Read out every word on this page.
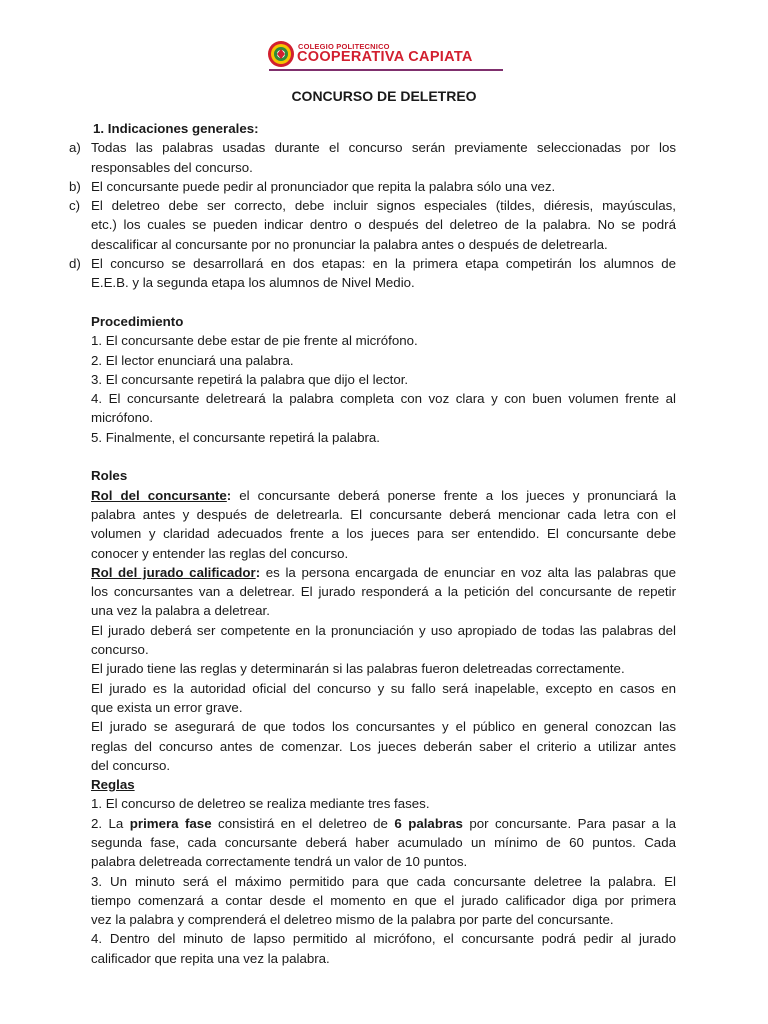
COLEGIO POLITECNICO
COOPERATIVA CAPIATA
CONCURSO DE DELETREO
1. Indicaciones generales:
a) Todas las palabras usadas durante el concurso serán previamente seleccionadas por los
responsables del concurso.
b) El concursante puede pedir al pronunciador que repita la palabra sólo una vez.
c) El deletreo debe ser correcto, debe incluir signos especiales (tildes, diéresis, mayúsculas,
etc.) los cuales se pueden indicar dentro o después del deletreo de la palabra. No se podrá
descalificar al concursante por no pronunciar la palabra antes o después de deletrearla.
d) El concurso se desarrollará en dos etapas: en la primera etapa competirán los alumnos de
E.E.B. y la segunda etapa los alumnos de Nivel Medio.
Procedimiento
1. El concursante debe estar de pie frente al micrófono.
2. El lector enunciará una palabra.
3. El concursante repetirá la palabra que dijo el lector.
4. El concursante deletreará la palabra completa con voz clara y con buen volumen frente al
micrófono.
5. Finalmente, el concursante repetirá la palabra.
Roles
Rol del concursante: el concursante deberá ponerse frente a los jueces y pronunciará la
palabra antes y después de deletrearla. El concursante deberá mencionar cada letra con el
volumen y claridad adecuados frente a los jueces para ser entendido. El concursante debe
conocer y entender las reglas del concurso.
Rol del jurado calificador: es la persona encargada de enunciar en voz alta las palabras que
los concursantes van a deletrear. El jurado responderá a la petición del concursante de repetir
una vez la palabra a deletrear.
El jurado deberá ser competente en la pronunciación y uso apropiado de todas las palabras del
concurso.
El jurado tiene las reglas y determinarán si las palabras fueron deletreadas correctamente.
El jurado es la autoridad oficial del concurso y su fallo será inapelable, excepto en casos en
que exista un error grave.
El jurado se asegurará de que todos los concursantes y el público en general conozcan las
reglas del concurso antes de comenzar. Los jueces deberán saber el criterio a utilizar antes
del concurso.
Reglas
1. El concurso de deletreo se realiza mediante tres fases.
2. La primera fase consistirá en el deletreo de 6 palabras por concursante. Para pasar a la
segunda fase, cada concursante deberá haber acumulado un mínimo de 60 puntos. Cada
palabra deletreada correctamente tendrá un valor de 10 puntos.
3. Un minuto será el máximo permitido para que cada concursante deletree la palabra. El
tiempo comenzará a contar desde el momento en que el jurado calificador diga por primera
vez la palabra y comprenderá el deletreo mismo de la palabra por parte del concursante.
4. Dentro del minuto de lapso permitido al micrófono, el concursante podrá pedir al jurado
calificador que repita una vez la palabra.
